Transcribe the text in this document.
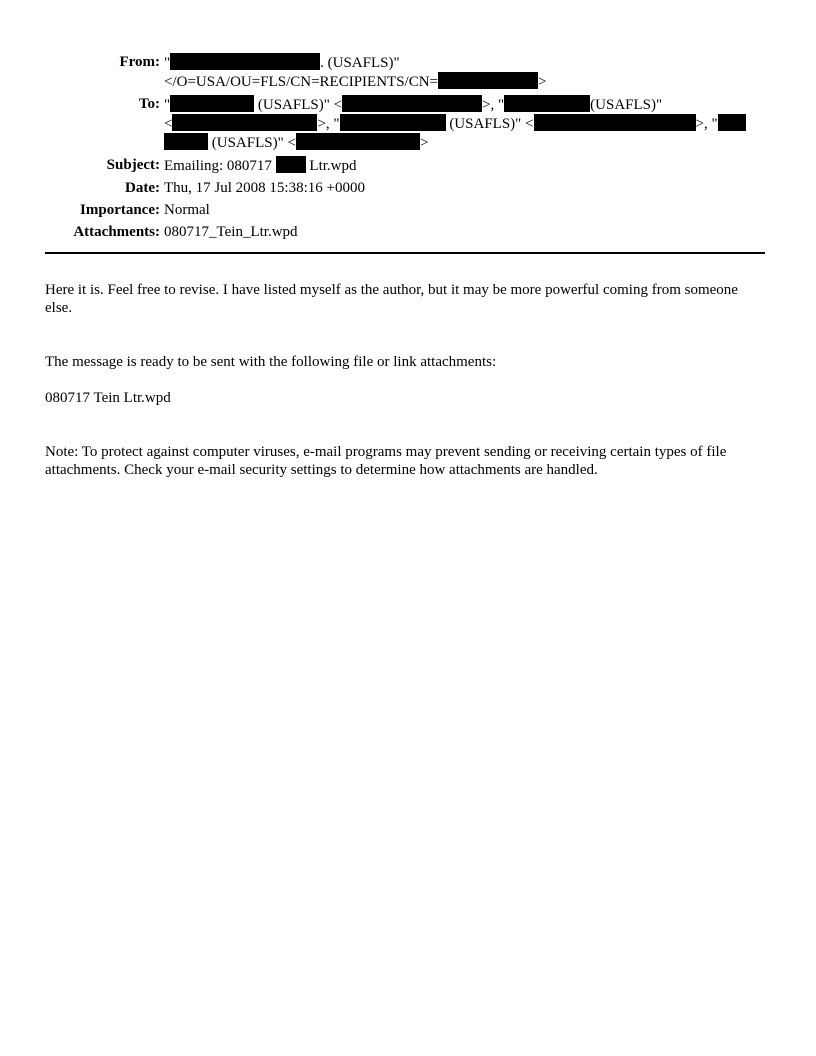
From: "	. (USAFLS)"
</O=USA/OU=FLS/CN=RECIPIENTS/CN=	>
To: "	(USAFLS)" <	>, "	(USAFLS)"
<	>, "	(USAFLS)" <	>, "
(USAFLS)" <	>
Subject: Emailing: 080717  Ltr.wpd
Date: Thu, 17 Jul 2008 15:38:16 +0000
Importance: Normal
Attachments: 080717_Tein_Ltr.wpd

Here it is. Feel free to revise. I have listed myself as the author, but it may be more powerful coming from someone else.

The message is ready to be sent with the following file or link attachments:

080717 Tein Ltr.wpd

Note: To protect against computer viruses, e-mail programs may prevent sending or receiving certain types of file attachments. Check your e-mail security settings to determine how attachments are handled.
